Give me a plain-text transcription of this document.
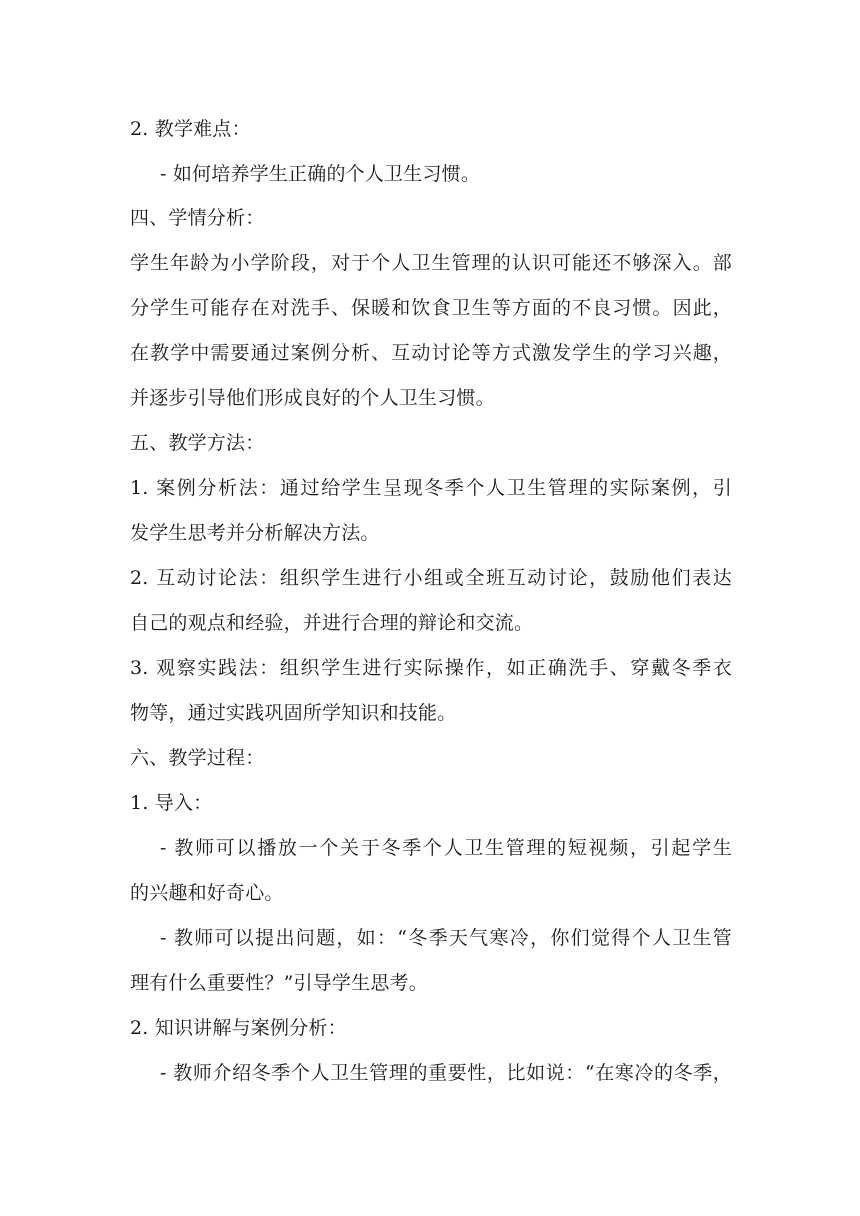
2. 教学难点：
- 如何培养学生正确的个人卫生习惯。
四、学情分析：
学生年龄为小学阶段，对于个人卫生管理的认识可能还不够深入。部
分学生可能存在对洗手、保暖和饮食卫生等方面的不良习惯。因此，
在教学中需要通过案例分析、互动讨论等方式激发学生的学习兴趣，
并逐步引导他们形成良好的个人卫生习惯。
五、教学方法：
1. 案例分析法：通过给学生呈现冬季个人卫生管理的实际案例，引
发学生思考并分析解决方法。
2. 互动讨论法：组织学生进行小组或全班互动讨论，鼓励他们表达
自己的观点和经验，并进行合理的辩论和交流。
3. 观察实践法：组织学生进行实际操作，如正确洗手、穿戴冬季衣
物等，通过实践巩固所学知识和技能。
六、教学过程：
1. 导入：
- 教师可以播放一个关于冬季个人卫生管理的短视频，引起学生
的兴趣和好奇心。
- 教师可以提出问题，如：“冬季天气寒冷，你们觉得个人卫生管
理有什么重要性？”引导学生思考。
2. 知识讲解与案例分析：
- 教师介绍冬季个人卫生管理的重要性，比如说：“在寒冷的冬季，
